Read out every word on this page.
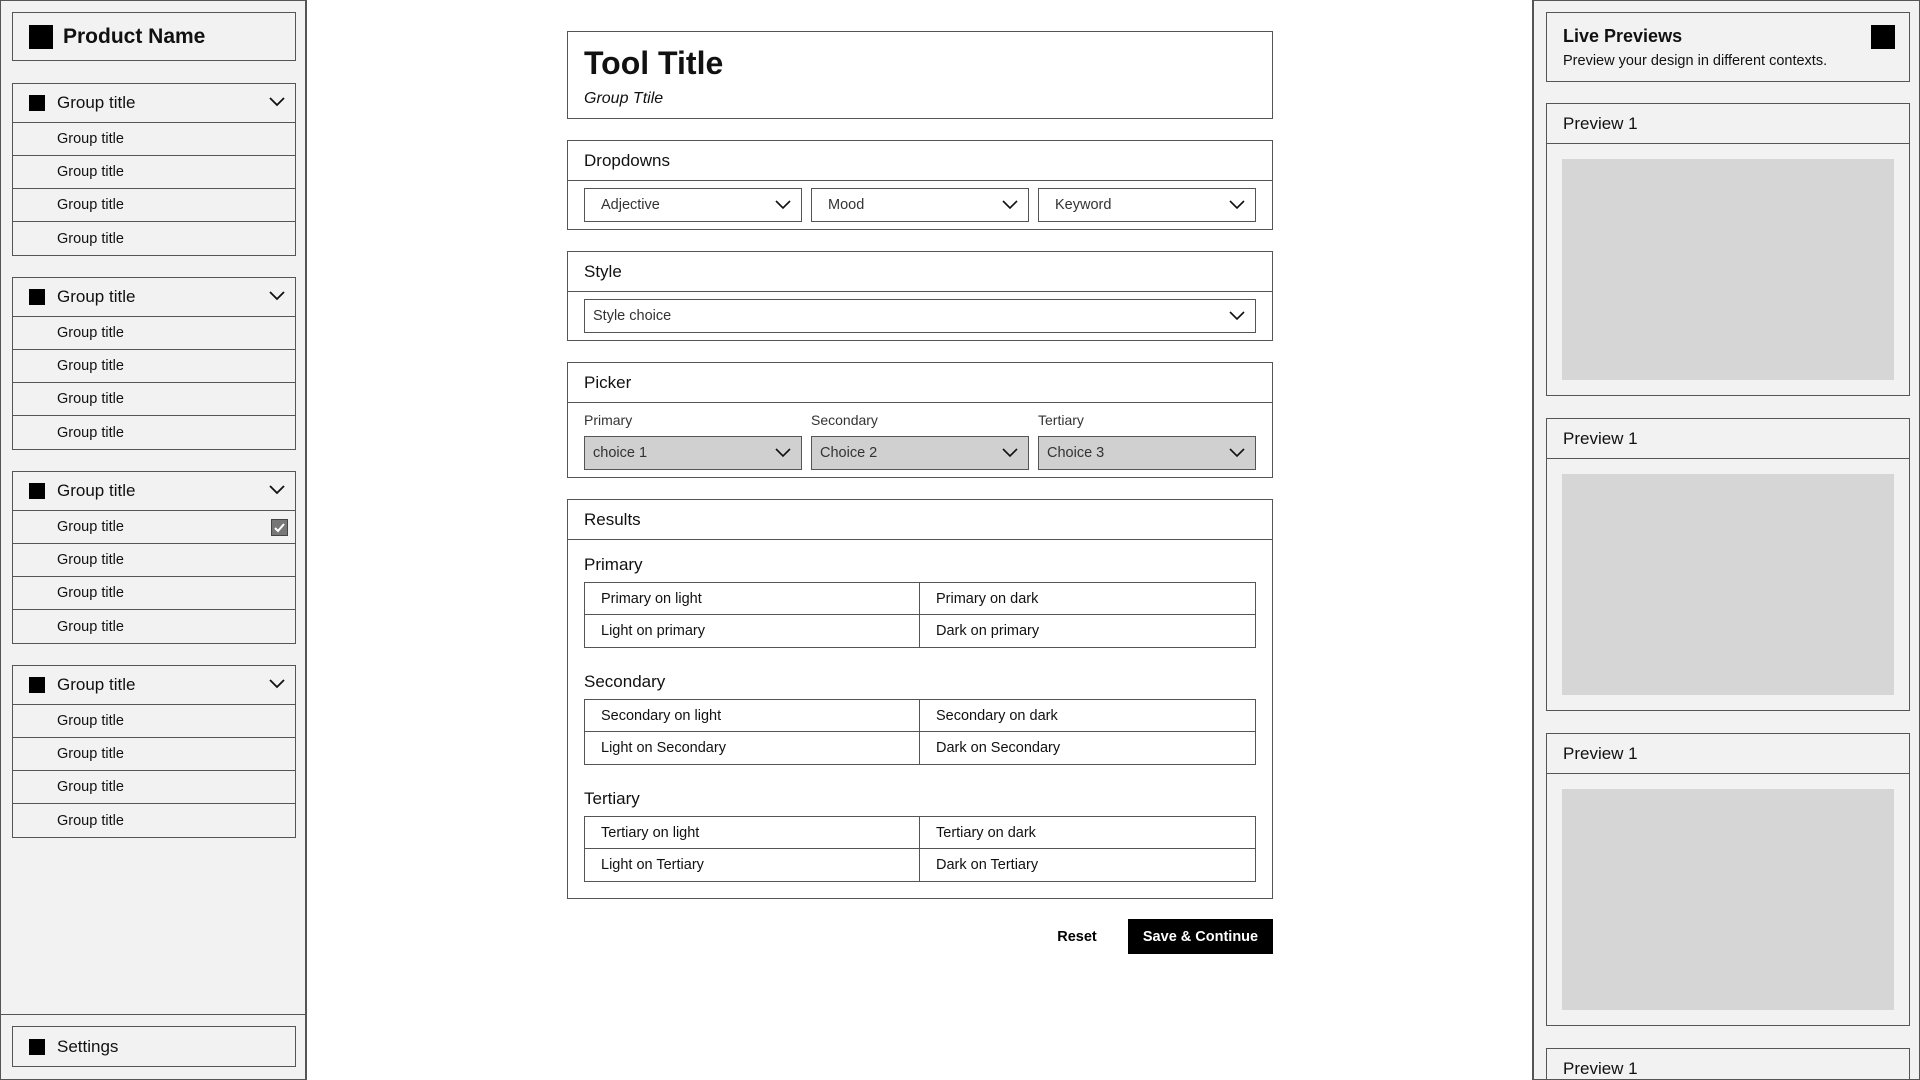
Product Name
Group title
Group title
Group title
Group title
Group title
Group title
Group title
Group title
Group title
Group title
Group title
Group title
Group title
Group title
Group title
Group title
Group title
Group title
Group title
Group title
Settings
Tool Title
Group Ttile
Dropdowns
Adjective	Mood	Keyword
Style
Style choice
Picker
Primary	Secondary	Tertiary
choice 1	Choice 2	Choice 3
Results
Primary
Primary on light	Primary on dark
Light on primary	Dark on primary
Secondary
Secondary on light	Secondary on dark
Light on Secondary	Dark on Secondary
Tertiary
Tertiary on light	Tertiary on dark
Light on Tertiary	Dark on Tertiary
Reset	Save & Continue
Live Previews
Preview your design in different contexts.
Preview 1
Preview 1
Preview 1
Preview 1
